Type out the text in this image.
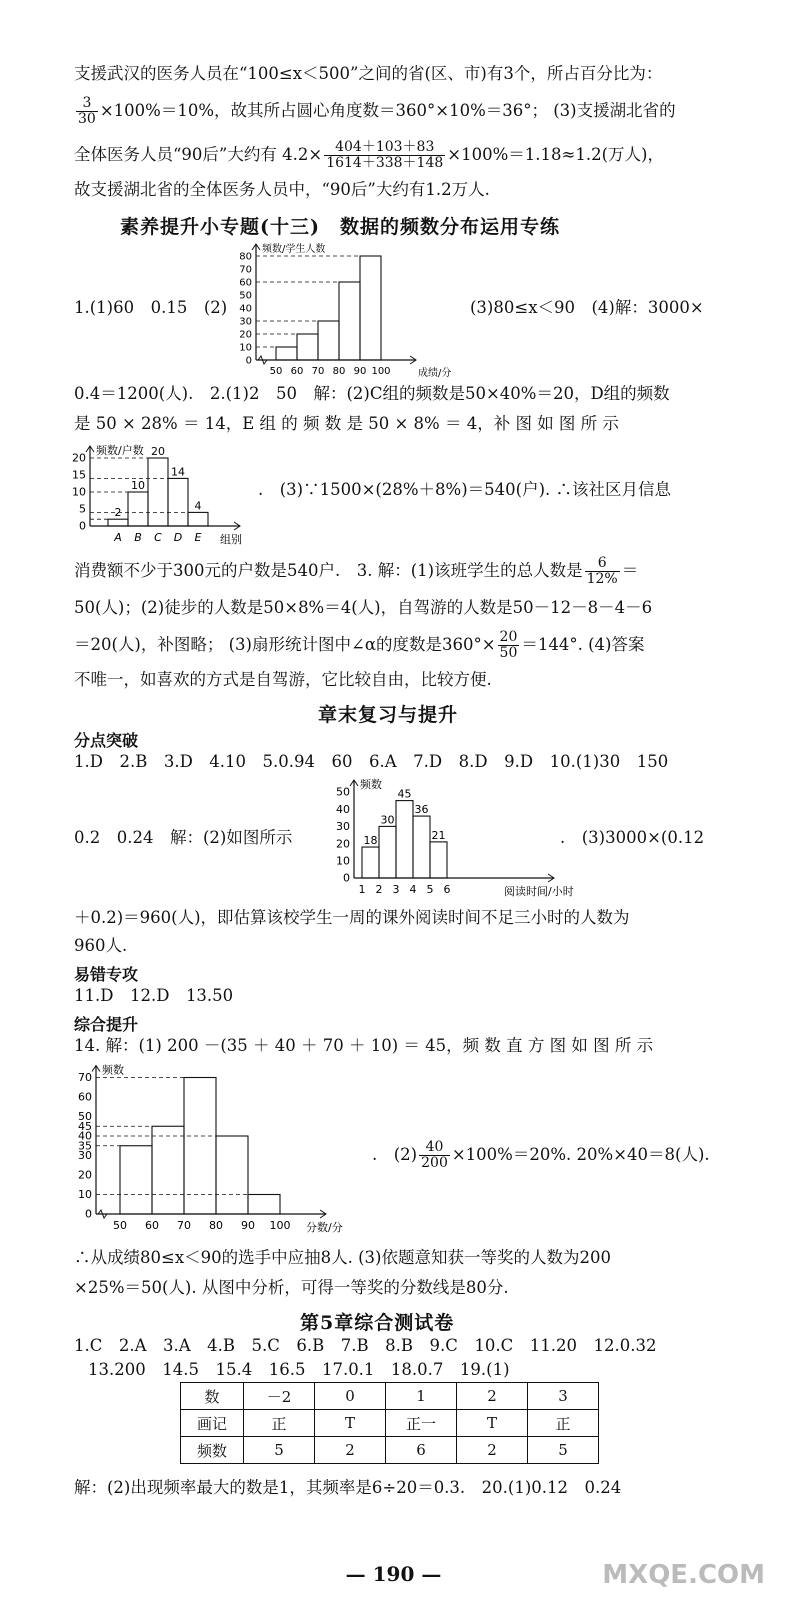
支援武汉的医务人员在“100≤x＜500”之间的省(区、市)有3个，所占百分比为：
$\frac{3}{30} \times 100\%=10\%$，故其所占圆心角度数＝360°×10%＝36°； (3)支援湖北省的
全体医务人员“90后”大约有 $4.2\times \frac{404+103+83}{1614+338+148} \times 100\%=1.18\approx 1.2$(万人)，
故支援湖北省的全体医务人员中，“90后”大约有1.2万人.
素养提升小专题(十三)　数据的频数分布运用专练
1.(1)60　0.15　(2)
频数/学生人数
成绩/分
0
10
20
30
40
50
60
70
80
50 60 70 80 90 100
(3)80≤x＜90　(4)解：3000×
0.4＝1200(人).　2.(1)2　50　解：(2)C组的频数是50×40%＝20，D组的频数
是 50 × 28% ＝ 14，E 组 的 频 数 是 50 × 8% ＝ 4，补 图 如 图 所 示
频数/户数
组别
2
10
20
14
4
0
5
10
15
20
A B C D E
.　(3)∵1500×(28%＋8%)＝540(户). ∴该社区月信息
消费额不少于300元的户数是540户.　3. 解：(1)该班学生的总人数是 $\frac{6}{12\%}$ ＝
50(人)；(2)徒步的人数是50×8%＝4(人)，自驾游的人数是50－12－8－4－6
＝20(人)，补图略； (3)扇形统计图中∠α的度数是$360^\circ\times \frac{20}{50} =144^\circ$. (4)答案
不唯一，如喜欢的方式是自驾游，它比较自由，比较方便.
章末复习与提升
分点突破
1.D　2.B　3.D　4.10　5.0.94　60　6.A　7.D　8.D　9.D　10.(1)30　150
0.2　0.24　解：(2)如图所示
频数
阅读时间/小时
18
30
45
36
21
0
10
20
30
40
50
1 2 3 4 5 6
.　(3)3000×(0.12
＋0.2)＝960(人)，即估算该校学生一周的课外阅读时间不足三小时的人数为
960人.
易错专攻
11.D　12.D　13.50
综合提升
14. 解：(1) 200 －(35 ＋ 40 ＋ 70 ＋ 10) ＝ 45，频 数 直 方 图 如 图 所 示
频数
分数/分
0
10
20
30
35
40
45
50
60
70
50 60 70 80 90 100
.　$(2) \frac{40}{200} \times 100\%=20\%$. 20%×40＝8(人).
∴从成绩80≤x＜90的选手中应抽8人. (3)依题意知获一等奖的人数为200
×25%＝50(人). 从图中分析，可得一等奖的分数线是80分.
第5章综合测试卷
1.C　2.A　3.A　4.B　5.C　6.B　7.B　8.B　9.C　10.C　11.20　12.0.32
13.200　14.5　15.4　16.5　17.0.1　18.0.7　19.(1)
数	－2	0	1	2	3
画记	正	T	正一	T	正
频数	5	2	6	2	5
解：(2)出现频率最大的数是1，其频率是6÷20＝0.3.　20.(1)0.12　0.24
— 190 —	MXQE.COM
